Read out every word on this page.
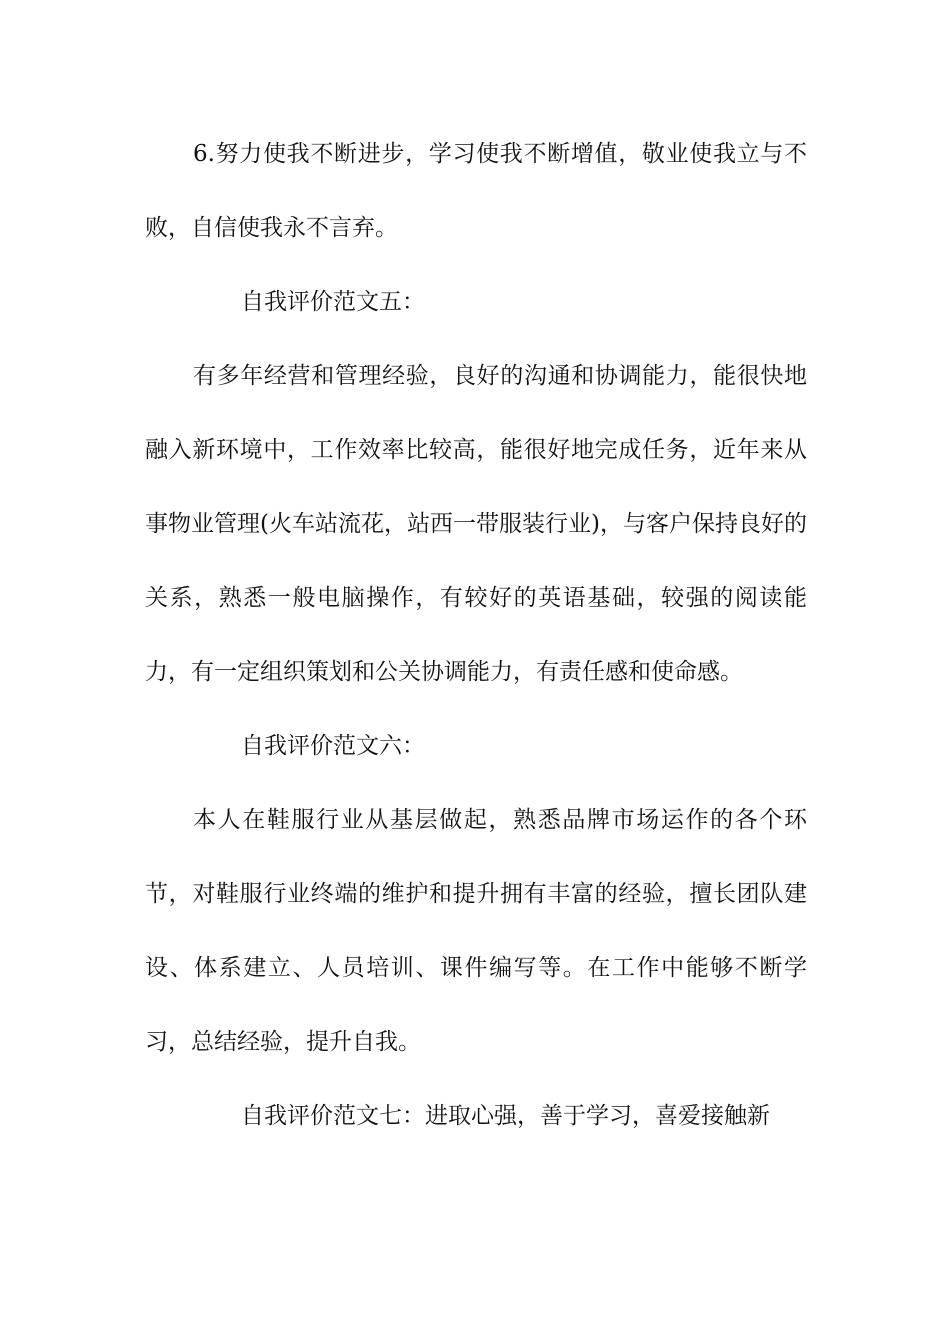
6.努力使我不断进步，学习使我不断增值，敬业使我立与不败，自信使我永不言弃。

自我评价范文五：

有多年经营和管理经验，良好的沟通和协调能力，能很快地融入新环境中，工作效率比较高，能很好地完成任务，近年来从事物业管理(火车站流花，站西一带服装行业)，与客户保持良好的关系，熟悉一般电脑操作，有较好的英语基础，较强的阅读能力，有一定组织策划和公关协调能力，有责任感和使命感。

自我评价范文六：

本人在鞋服行业从基层做起，熟悉品牌市场运作的各个环节，对鞋服行业终端的维护和提升拥有丰富的经验，擅长团队建设、体系建立、人员培训、课件编写等。在工作中能够不断学习，总结经验，提升自我。

自我评价范文七：进取心强，善于学习，喜爱接触新
